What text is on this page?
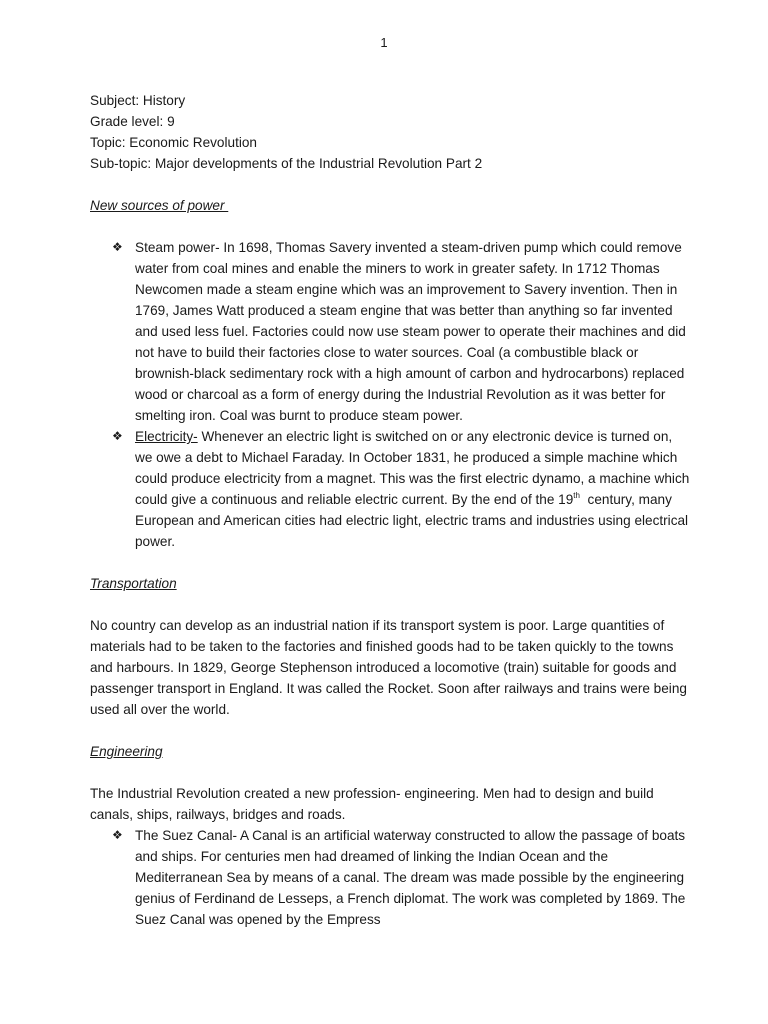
1

Subject: History

Grade level: 9

Topic: Economic Revolution

Sub-topic: Major developments of the Industrial Revolution Part 2

New sources of power

❖ Steam power- In 1698, Thomas Savery invented a steam-driven pump which could remove water from coal mines and enable the miners to work in greater safety. In 1712 Thomas Newcomen made a steam engine which was an improvement to Savery invention. Then in 1769, James Watt produced a steam engine that was better than anything so far invented and used less fuel. Factories could now use steam power to operate their machines and did not have to build their factories close to water sources. Coal (a combustible black or brownish-black sedimentary rock with a high amount of carbon and hydrocarbons) replaced wood or charcoal as a form of energy during the Industrial Revolution as it was better for smelting iron. Coal was burnt to produce steam power.
❖ Electricity- Whenever an electric light is switched on or any electronic device is turned on, we owe a debt to Michael Faraday. In October 1831, he produced a simple machine which could produce electricity from a magnet. This was the first electric dynamo, a machine which could give a continuous and reliable electric current. By the end of the 19th  century, many European and American cities had electric light, electric trams and industries using electrical power.

Transportation

No country can develop as an industrial nation if its transport system is poor. Large quantities of materials had to be taken to the factories and finished goods had to be taken quickly to the towns and harbours. In 1829, George Stephenson introduced a locomotive (train) suitable for goods and passenger transport in England. It was called the Rocket. Soon after railways and trains were being used all over the world.

Engineering

The Industrial Revolution created a new profession- engineering. Men had to design and build canals, ships, railways, bridges and roads.

❖ The Suez Canal- A Canal is an artificial waterway constructed to allow the passage of boats and ships. For centuries men had dreamed of linking the Indian Ocean and the Mediterranean Sea by means of a canal. The dream was made possible by the engineering genius of Ferdinand de Lesseps, a French diplomat. The work was completed by 1869. The Suez Canal was opened by the Empress
